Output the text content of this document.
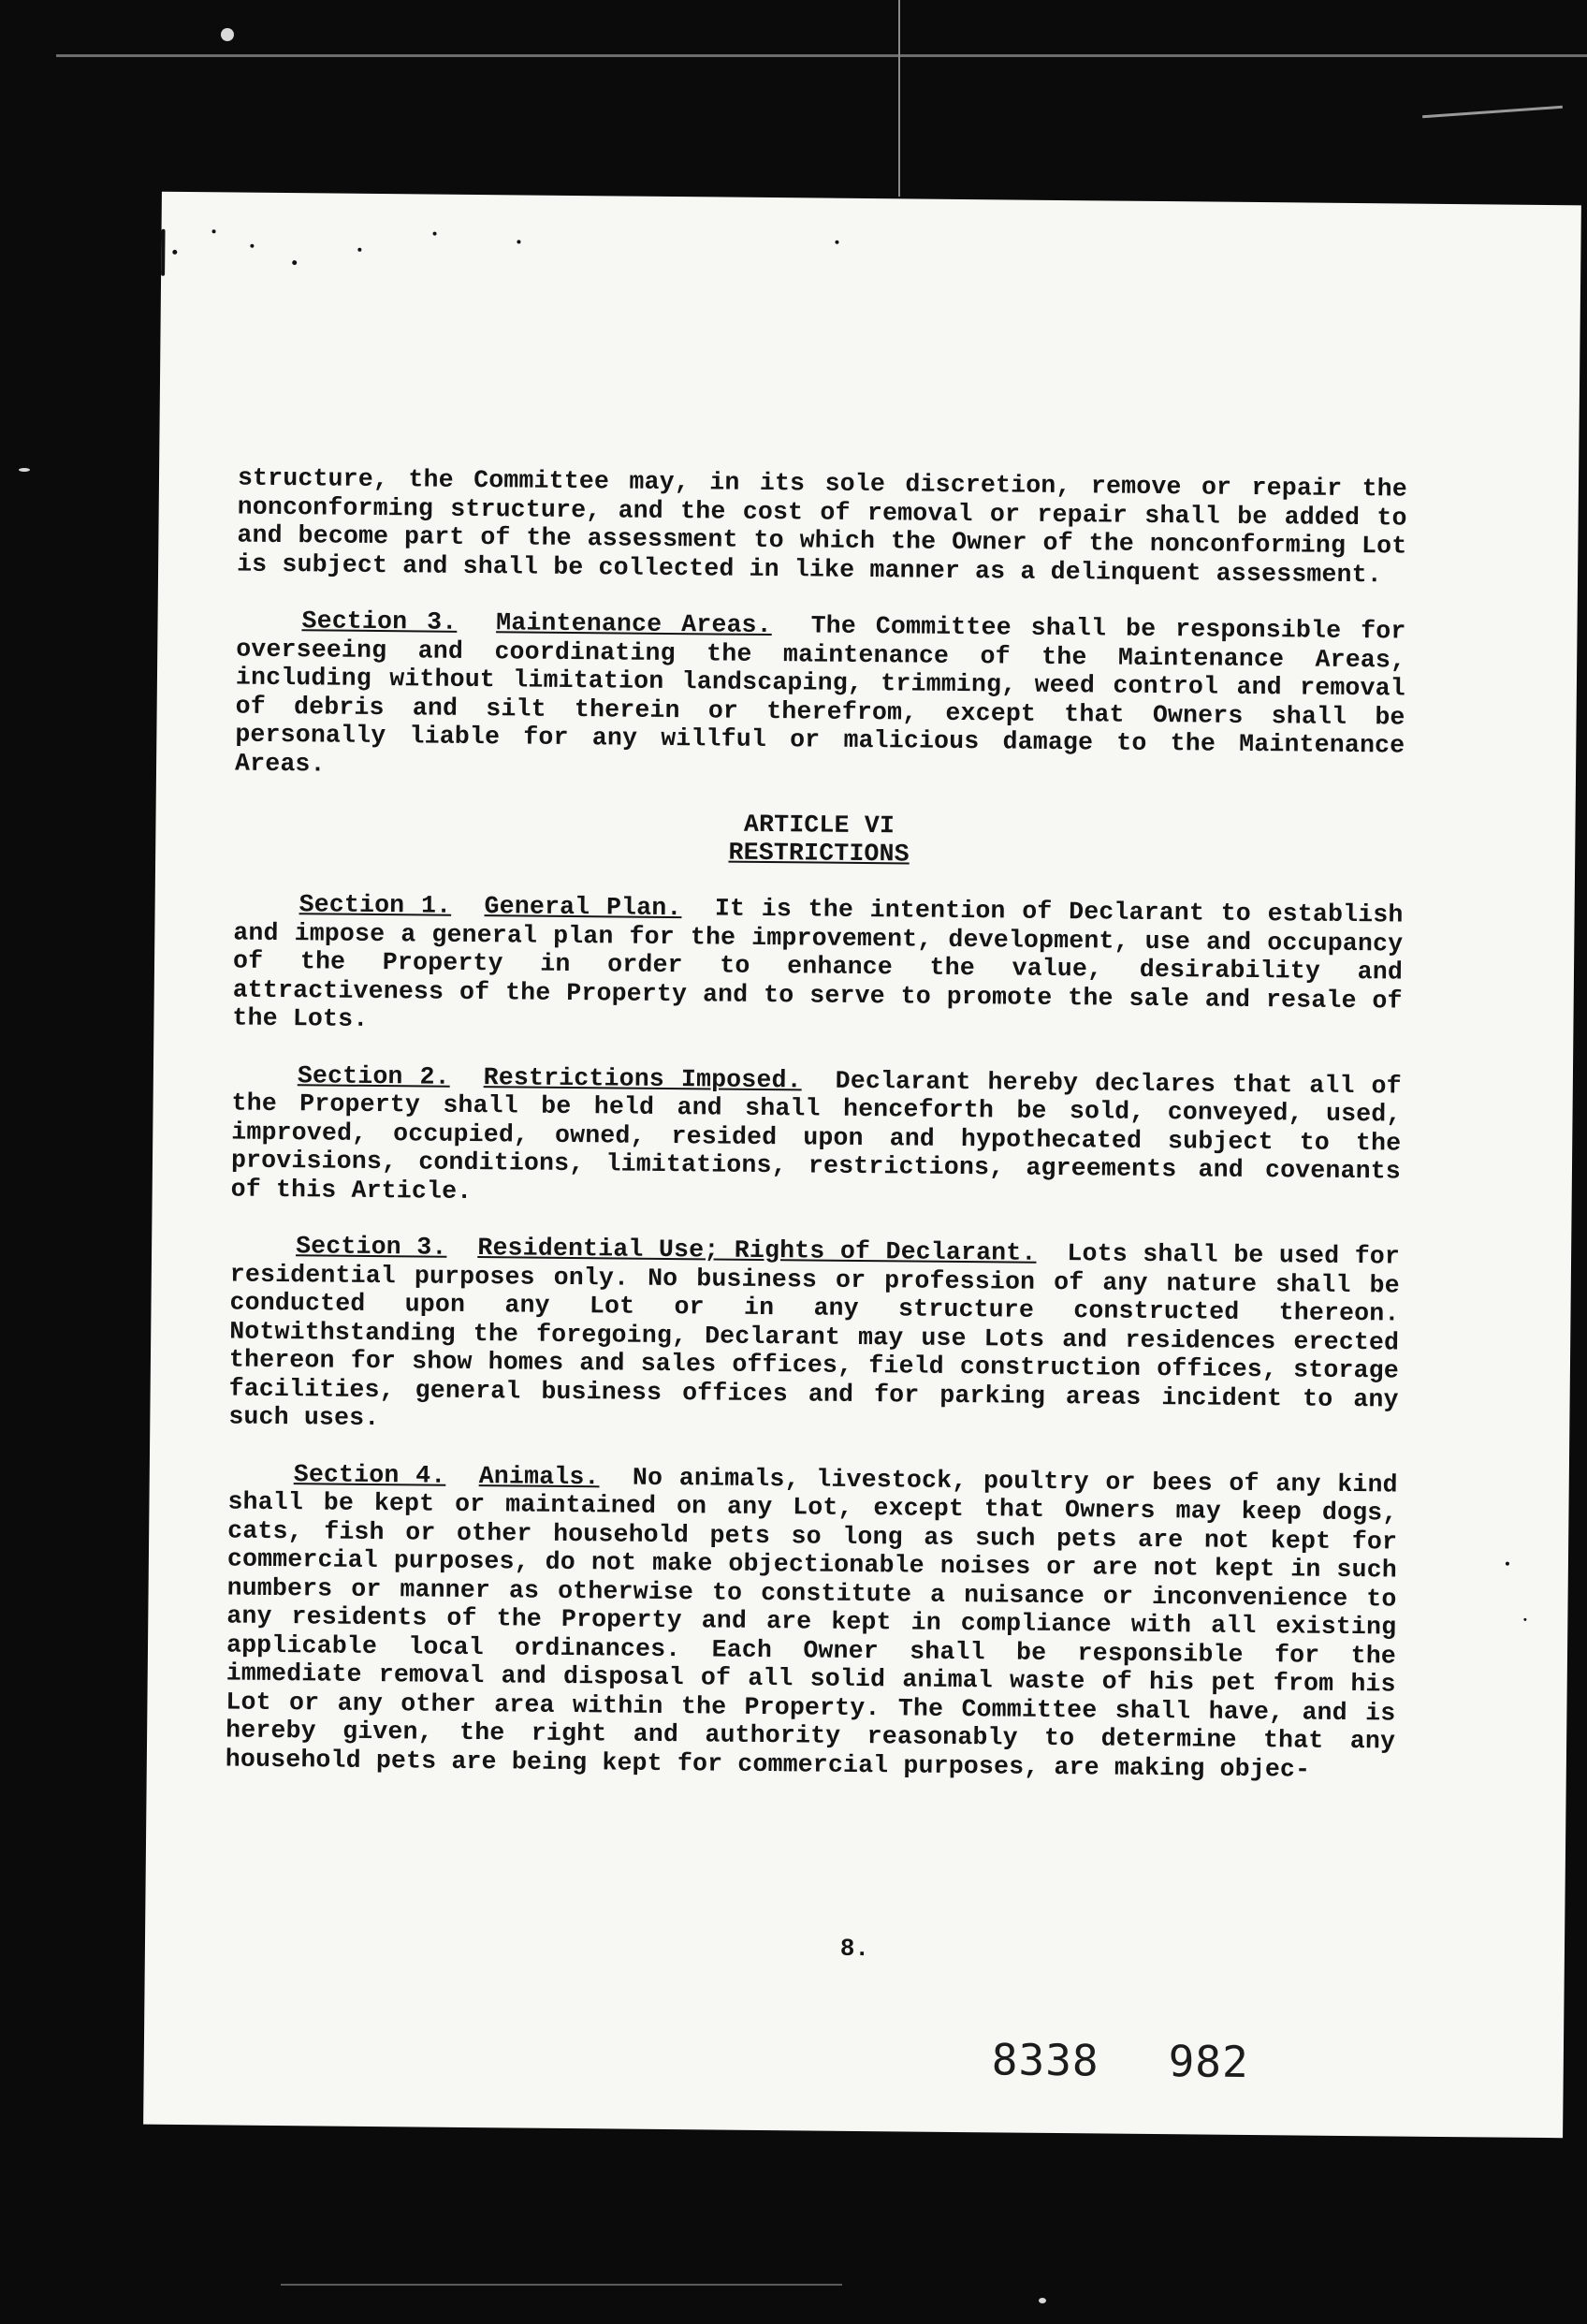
structure, the Committee may, in its sole discretion, remove or repair the nonconforming structure, and the cost of removal or repair shall be added to and become part of the assessment to which the Owner of the nonconforming Lot is subject and shall be collected in like manner as a delinquent assessment.

Section 3. Maintenance Areas. The Committee shall be responsible for overseeing and coordinating the maintenance of the Maintenance Areas, including without limitation landscaping, trimming, weed control and removal of debris and silt therein or therefrom, except that Owners shall be personally liable for any willful or malicious damage to the Maintenance Areas.

ARTICLE VI
RESTRICTIONS

Section 1. General Plan. It is the intention of Declarant to establish and impose a general plan for the improvement, development, use and occupancy of the Property in order to enhance the value, desirability and attractiveness of the Property and to serve to promote the sale and resale of the Lots.

Section 2. Restrictions Imposed. Declarant hereby declares that all of the Property shall be held and shall henceforth be sold, conveyed, used, improved, occupied, owned, resided upon and hypothecated subject to the provisions, conditions, limitations, restrictions, agreements and covenants of this Article.

Section 3. Residential Use; Rights of Declarant. Lots shall be used for residential purposes only. No business or profession of any nature shall be conducted upon any Lot or in any structure constructed thereon. Notwithstanding the foregoing, Declarant may use Lots and residences erected thereon for show homes and sales offices, field construction offices, storage facilities, general business offices and for parking areas incident to any such uses.

Section 4. Animals. No animals, livestock, poultry or bees of any kind shall be kept or maintained on any Lot, except that Owners may keep dogs, cats, fish or other household pets so long as such pets are not kept for commercial purposes, do not make objectionable noises or are not kept in such numbers or manner as otherwise to constitute a nuisance or inconvenience to any residents of the Property and are kept in compliance with all existing applicable local ordinances. Each Owner shall be responsible for the immediate removal and disposal of all solid animal waste of his pet from his Lot or any other area within the Property. The Committee shall have, and is hereby given, the right and authority reasonably to determine that any household pets are being kept for commercial purposes, are making objec-

8.
8338 982
